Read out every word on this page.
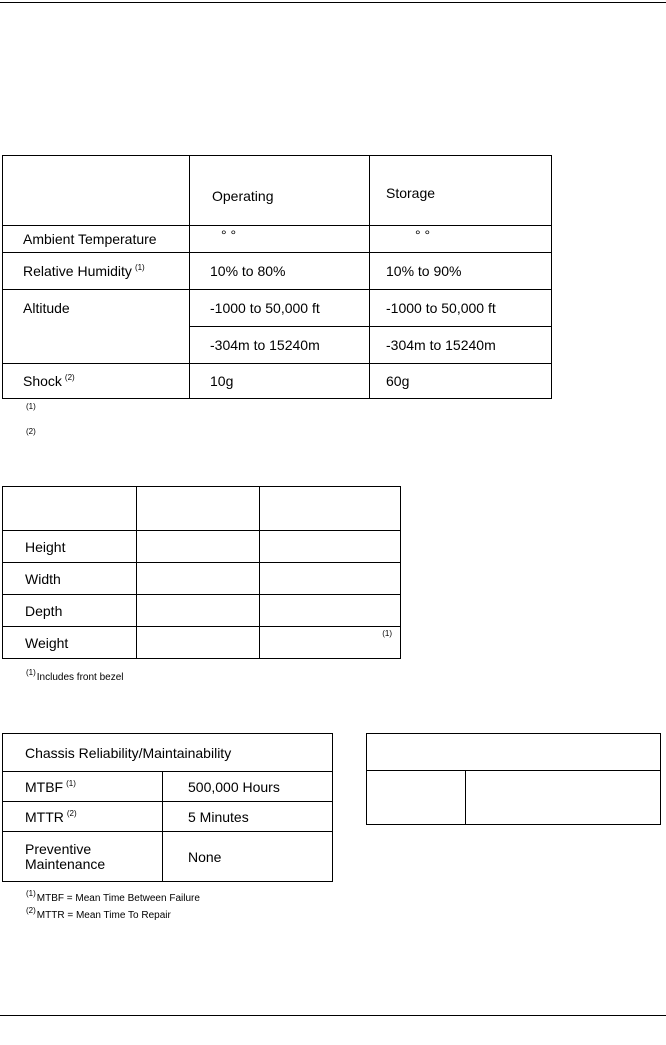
	Operating	Storage
Ambient Temperature	° °	° °
Relative Humidity $^{(1)}$	10% to 80%	10% to 90%
Altitude	-1000 to 50,000 ft	-1000 to 50,000 ft
	-304m to 15240m	-304m to 15240m
Shock $^{(2)}$	10g	60g
(1)
(2)

Height		
Width		
Depth		
Weight		$^{(1)}$
$^{(1)}$Includes front bezel
Chassis Reliability/Maintainability	
MTBF $^{(1)}$	500,000 Hours
MTTR $^{(2)}$	5 Minutes
Preventive
Maintenance	None
$^{(1)}$MTBF = Mean Time Between Failure
$^{(2)}$MTTR = Mean Time To Repair
